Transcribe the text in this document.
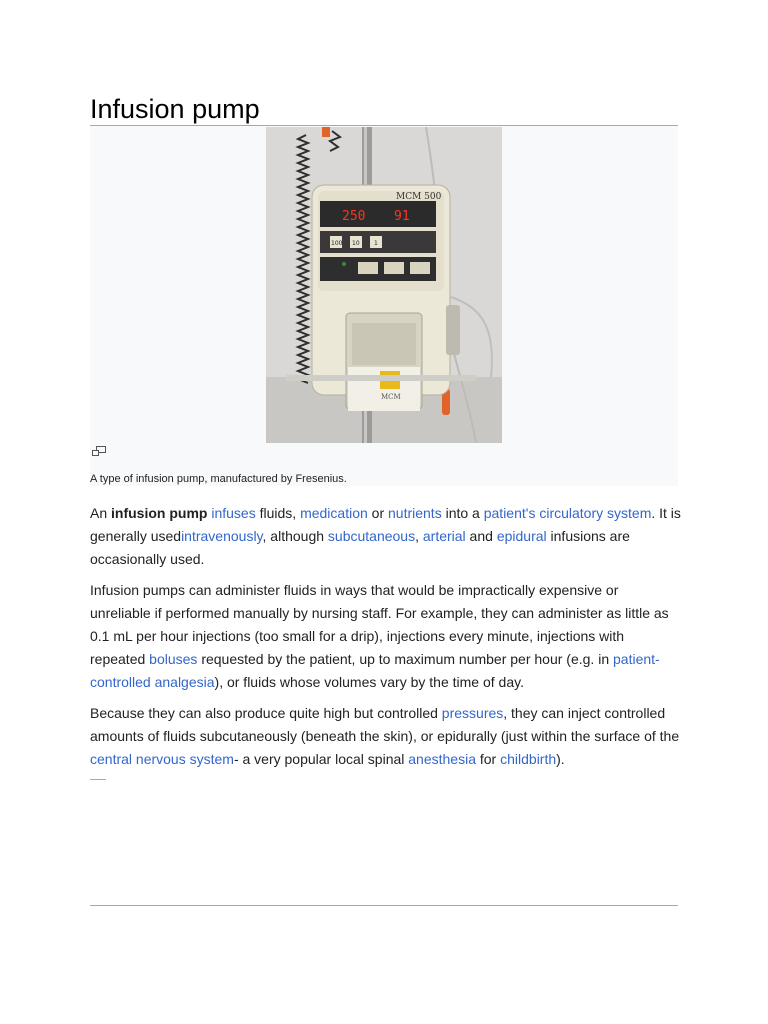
Infusion pump
250 91
MCM 500
100 10 1
MCM
A type of infusion pump, manufactured by Fresenius.

An infusion pump infuses fluids, medication or nutrients into a patient's circulatory system. It is generally usedintravenously, although subcutaneous, arterial and epidural infusions are occasionally used.

Infusion pumps can administer fluids in ways that would be impractically expensive or unreliable if performed manually by nursing staff. For example, they can administer as little as 0.1 mL per hour injections (too small for a drip), injections every minute, injections with repeated boluses requested by the patient, up to maximum number per hour (e.g. in patient-controlled analgesia), or fluids whose volumes vary by the time of day.

Because they can also produce quite high but controlled pressures, they can inject controlled amounts of fluids subcutaneously (beneath the skin), or epidurally (just within the surface of the central nervous system- a very popular local spinal anesthesia for childbirth).
